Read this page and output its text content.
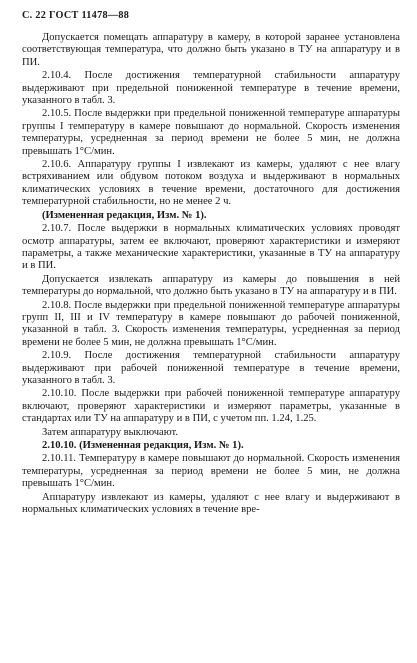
С. 22 ГОСТ 11478—88

Допускается помещать аппаратуру в камеру, в которой заранее установлена соответствующая температура, что должно быть указано в ТУ на аппаратуру и в ПИ.

2.10.4. После достижения температурной стабильности аппаратуру выдерживают при предельной пониженной температуре в течение времени, указанного в табл. 3.

2.10.5. После выдержки при предельной пониженной температуре аппаратуры группы I температуру в камере повышают до нормальной. Скорость изменения температуры, усредненная за период времени не более 5 мин, не должна превышать 1°С/мин.

2.10.6. Аппаратуру группы I извлекают из камеры, удаляют с нее влагу встряхиванием или обдувом потоком воздуха и выдерживают в нормальных климатических условиях в течение времени, достаточного для достижения температурной стабильности, но не менее 2 ч.

(Измененная редакция, Изм. № 1).

2.10.7. После выдержки в нормальных климатических условиях проводят осмотр аппаратуры, затем ее включают, проверяют характеристики и измеряют параметры, а также механические характеристики, указанные в ТУ на аппаратуру и в ПИ.

Допускается извлекать аппаратуру из камеры до повышения в ней температуры до нормальной, что должно быть указано в ТУ на аппаратуру и в ПИ.

2.10.8. После выдержки при предельной пониженной температуре аппаратуры групп II, III и IV температуру в камере повышают до рабочей пониженной, указанной в табл. 3. Скорость изменения температуры, усредненная за период времени не более 5 мин, не должна превышать 1°С/мин.

2.10.9. После достижения температурной стабильности аппаратуру выдерживают при рабочей пониженной температуре в течение времени, указанного в табл. 3.

2.10.10. После выдержки при рабочей пониженной температуре аппаратуру включают, проверяют характеристики и измеряют параметры, указанные в стандартах или ТУ на аппаратуру и в ПИ, с учетом пп. 1.24, 1.25.

Затем аппаратуру выключают.

2.10.10. (Измененная редакция, Изм. № 1).

2.10.11. Температуру в камере повышают до нормальной. Скорость изменения температуры, усредненная за период времени не более 5 мин, не должна превышать 1°С/мин.

Аппаратуру извлекают из камеры, удаляют с нее влагу и выдерживают в нормальных климатических условиях в течение вре-
